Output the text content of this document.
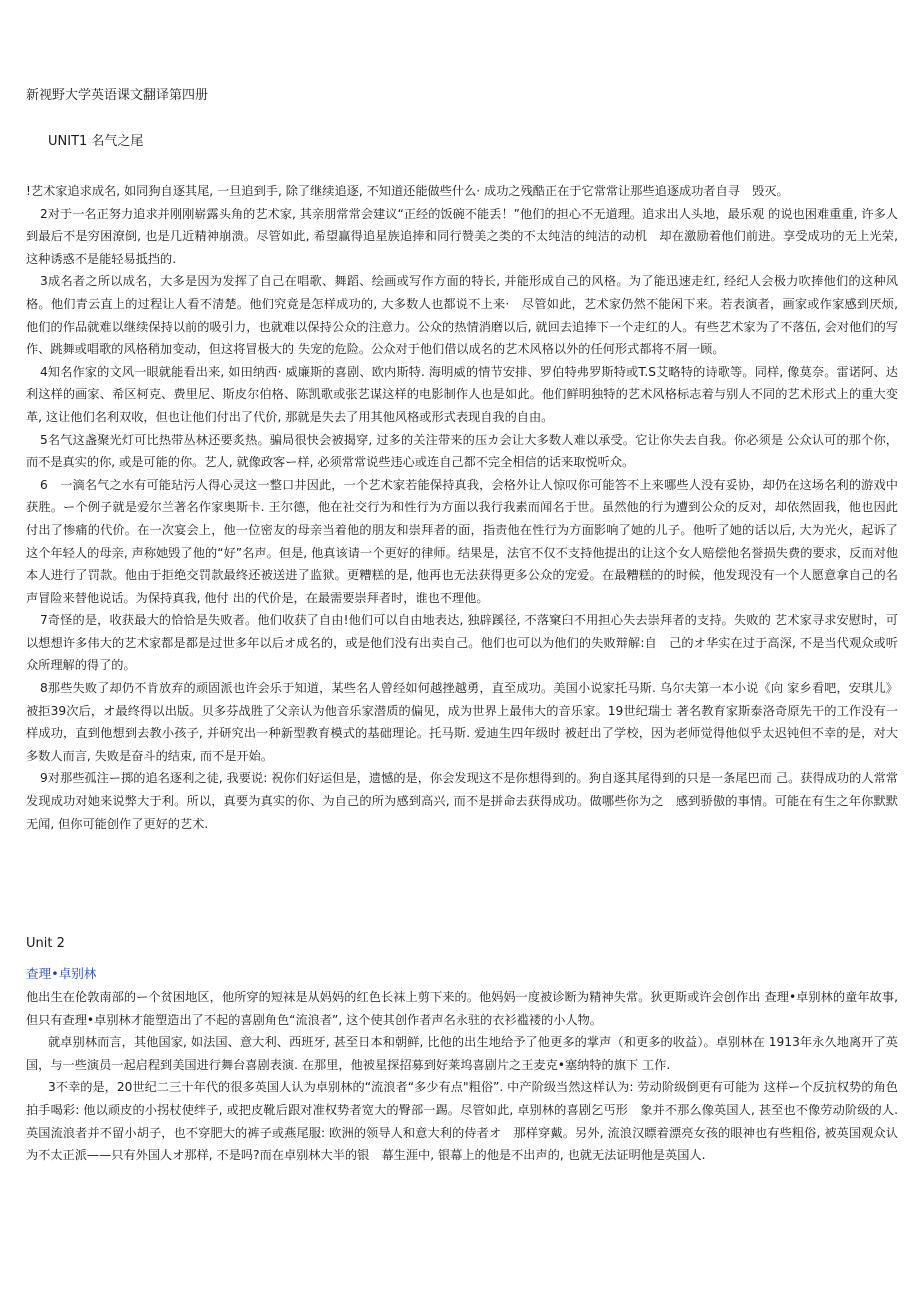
新视野大学英语课文翻译第四册
UNIT1 名气之尾

!艺术家追求成名, 如同狗自逐其尾, 一旦追到手, 除了继续追逐, 不知道还能做些什么· 成功之残酷正在于它常常让那些追逐成功者自寻　毁灭。

2对于一名正努力追求并刚刚崭露头角的艺术家, 其亲朋常常会建议“正经的饭碗不能丢！”他们的担心不无道理。追求出人头地，最乐观 的说也困难重重, 许多人到最后不是穷困潦倒, 也是几近精神崩溃。尽管如此, 希望赢得追星族追捧和同行赞美之类的不太纯洁的纯洁的动机　却在激励着他们前进。享受成功的无上光荣, 这种诱惑不是能轻易抵挡的.

3成名者之所以成名，大多是因为发挥了自己在唱歌、舞蹈、绘画或写作方面的特长, 并能形成自己的风格。为了能迅速走红, 经纪人会极力吹捧他们的这种风格。他们青云直上的过程让人看不清楚。他们究竟是怎样成功的, 大多数人也都说不上来·　尽管如此，艺术家仍然不能闲下来。若表演者，画家或作家感到厌烦, 他们的作品就难以继续保持以前的吸引力，也就难以保持公众的注意力。公众的热情消磨以后, 就回去追捧下一个走红的人。有些艺术家为了不落伍, 会对他们的写作、跳舞或唱歌的风格稍加变动，但这将冒极大的 失宠的危险。公众对于他们借以成名的艺术风格以外的任何形式都将不屑一顾。

4知名作家的文风一眼就能看出来, 如田纳西· 威廉斯的喜剧、欧内斯特. 海明威的情节安排、罗伯特弗罗斯特或T.S艾略特的诗歌等。同样, 像莫奈。雷诺阿、达利这样的画家、希区柯克、费里尼、斯皮尔伯格、陈凯歌或张艺谋这样的电影制作人也是如此。他们鲜明独特的艺术风格标志着与别人不同的艺术形式上的重大变革, 这让他们名利双收，但也让他们付出了代价, 那就是失去了用其他风格或形式表现自我的自由。

5名气这盏聚光灯可比热带丛林还要炙热。骗局很快会被揭穿, 过多的关注带来的压カ会让大多数人难以承受。它让你失去自我。你必须是 公众认可的那个你，而不是真实的你, 或是可能的你。艺人, 就像政客ー样, 必须常常说些违心或连自己都不完全相信的话来取悦听众。

6　一滴名气之水有可能玷污人得心灵这一整口井因此，一个艺术家若能保持真我，会格外让人惊叹你可能答不上来哪些人没有妥协，却仍在这场名利的游戏中获胜。ー个例子就是爱尔兰著名作家奥斯卡. 王尔德，他在社交行为和性行为方面以我行我素而闻名于世。虽然他的行为遭到公众的反对，却依然固我，他也因此付出了惨痛的代价。在一次宴会上，他一位密友的母亲当着他的朋友和崇拜者的面，指责他在性行为方面影响了她的儿子。他听了她的话以后, 大为光火，起诉了这个年轻人的母亲, 声称她毁了他的“好”名声。但是, 他真该请一个更好的律师。结果是，法官不仅不支持他提出的让这个女人赔偿他名誉损失费的要求，反而对他本人进行了罚款。他由于拒绝交罚款最终还被送进了监狱。更糟糕的是, 他再也无法获得更多公众的宠爱。在最糟糕的的时候，他发现没有一个人愿意拿自己的名声冒险来替他说话。为保持真我, 他付 出的代价是，在最需要崇拜者时，谁也不理他。

7奇怪的是，收获最大的恰恰是失败者。他们收获了自由!他们可以自由地表达, 独辟蹊径, 不落窠臼不用担心失去崇拜者的支持。失败的 艺术家寻求安慰时，可以想想许多伟大的艺术家都是都是过世多年以后オ成名的，或是他们没有出卖自己。他们也可以为他们的失败辩解:自　己的オ华实在过于高深, 不是当代观众或听众所理解的得了的。

8那些失败了却仍不肯放弃的顽固派也许会乐于知道，某些名人曾经如何越挫越勇，直至成功。美国小说家托马斯. 乌尔夫第一本小说《向 家乡看吧，安琪儿》被拒39次后，オ最终得以出版。贝多芬战胜了父亲认为他音乐家潜质的偏见，成为世界上最伟大的音乐家。19世纪瑞士 著名教育家斯泰洛奇原先干的工作没有一样成功，直到他想到去教小孩子, 并研究出一种新型教育模式的基础理论。托马斯. 爱迪生四年级时 被赶出了学校，因为老师觉得他似乎太迟钝但不幸的是，对大多数人而言, 失败是奋斗的结束, 而不是开始。

9对那些孤注ー掷的追名逐利之徒, 我要说: 祝你们好运但是，遗憾的是，你会发现这不是你想得到的。狗自逐其尾得到的只是一条尾巴而 己。获得成功的人常常发现成功对她来说弊大于利。所以，真要为真实的你、为自己的所为感到高兴, 而不是拼命去获得成功。做哪些你为之　感到骄傲的事情。可能在有生之年你默默无闻, 但你可能创作了更好的艺术.

Unit 2
查理•卓别林

他出生在伦敦南部的ー个贫困地区，他所穿的短袜是从妈妈的红色长袜上剪下来的。他妈妈一度被诊断为精神失常。狄更斯或许会创作出 查理•卓别林的童年故事, 但只有查理•卓别林才能塑造出了不起的喜剧角色“流浪者”, 这个使其创作者声名永驻的衣衫褴褛的小人物。

就卓别林而言，其他国家, 如法国、意大利、西班牙, 甚至日本和朝鲜, 比他的出生地给予了他更多的掌声（和更多的收益）。卓别林在 1913年永久地离开了英国，与一些演员一起启程到美国进行舞台喜剧表演. 在那里，他被星探招募到好莱坞喜剧片之王麦克•塞纳特的旗下 工作.

3不幸的是，20世纪二三十年代的很多英国人认为卓别林的“流浪者“多少有点"粗俗”. 中产阶级当然这样认为: 劳动阶级倒更有可能为 这样ー个反抗权势的角色拍手喝彩: 他以顽皮的小拐杖使绊子, 或把皮靴后跟对准权势者宽大的臀部一踢。尽管如此, 卓别林的喜剧乞丐形　象并不那么像英国人, 甚至也不像劳动阶级的人. 英国流浪者并不留小胡子，也不穿肥大的裤子或燕尾服: 欧洲的领导人和意大利的侍者オ　那样穿戴。另外, 流浪汉瞟着漂亮女孩的眼神也有些粗俗, 被英国观众认为不太正派——只有外国人オ那样, 不是吗?而在卓别林大半的银　幕生涯中, 银幕上的他是不出声的, 也就无法证明他是英国人.
